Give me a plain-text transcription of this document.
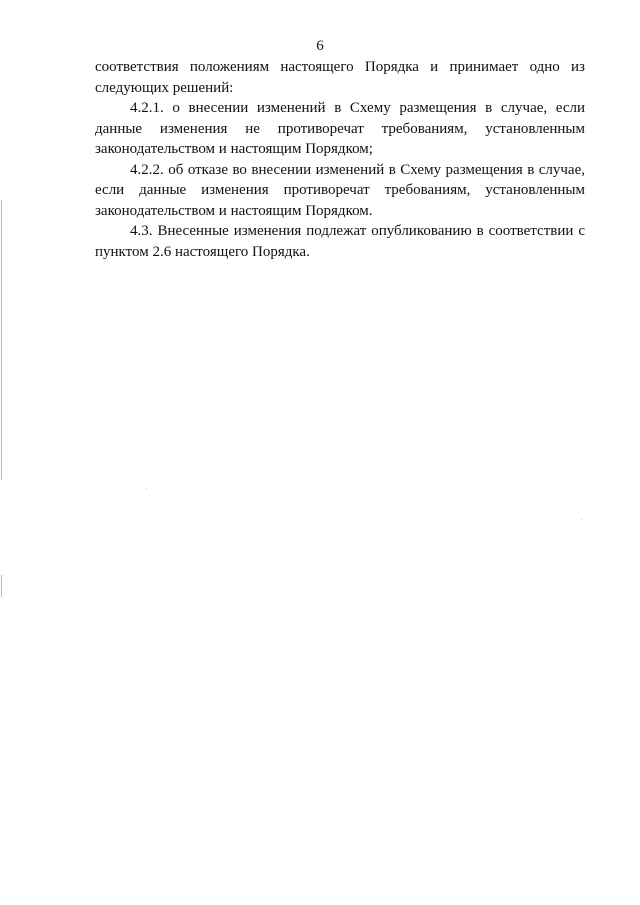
6

соответствия положениям настоящего Порядка и принимает одно из следующих решений:

4.2.1. о внесении изменений в Схему размещения в случае, если данные изменения не противоречат требованиям, установленным законодательством и настоящим Порядком;

4.2.2. об отказе во внесении изменений в Схему размещения в случае, если данные изменения противоречат требованиям, установленным законодательством и настоящим Порядком.

4.3. Внесенные изменения подлежат опубликованию в соответствии с пунктом 2.6 настоящего Порядка.
